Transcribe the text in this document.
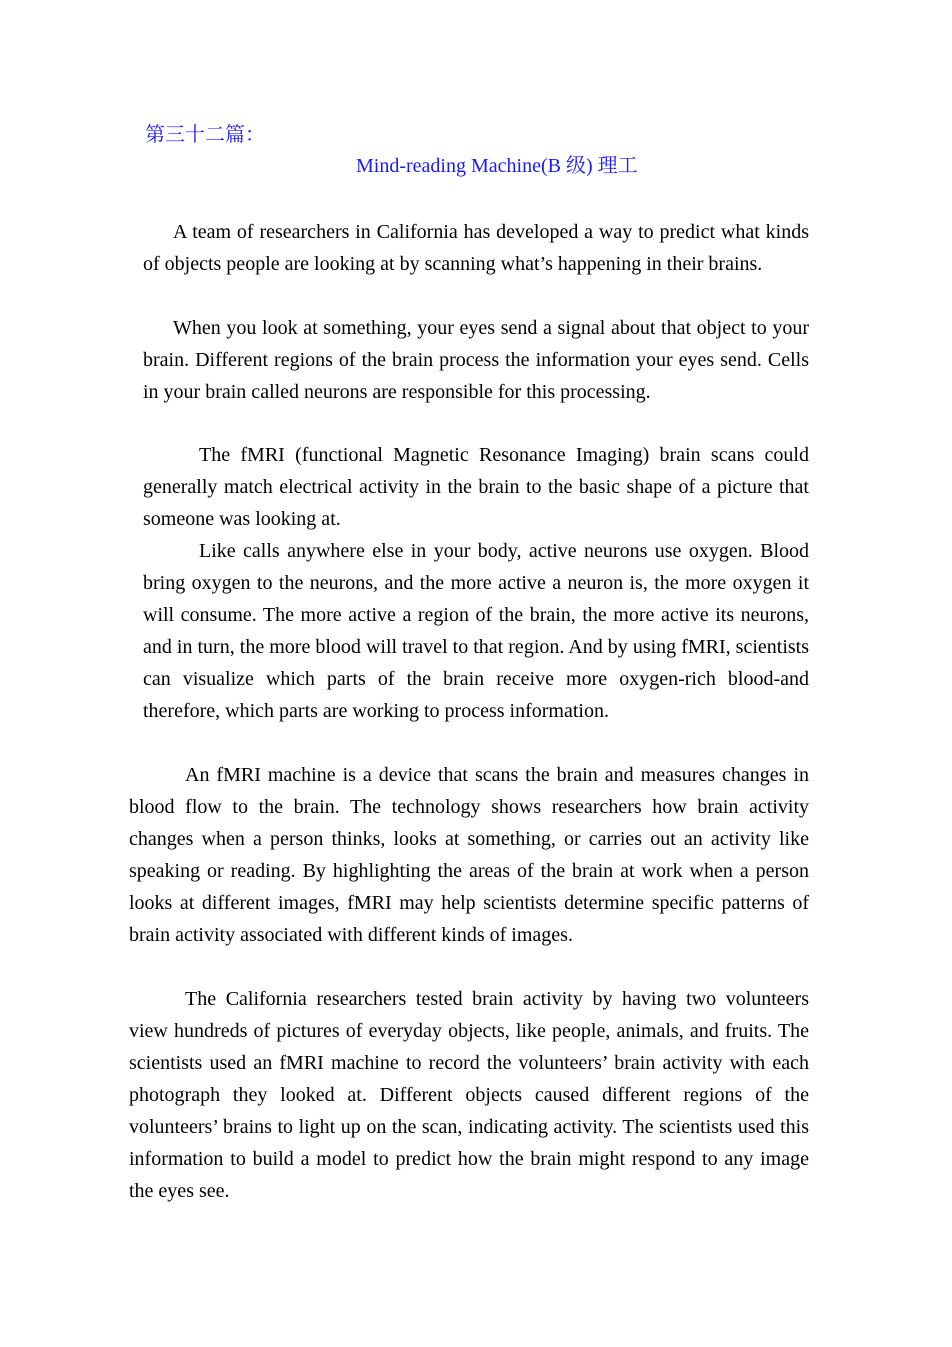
第三十二篇：
Mind-reading Machine(B 级) 理工

A team of researchers in California has developed a way to predict what kinds of objects people are looking at by scanning what’s happening in their brains.

When you look at something, your eyes send a signal about that object to your brain. Different regions of the brain process the information your eyes send. Cells in your brain called neurons are responsible for this processing.

The fMRI (functional Magnetic Resonance Imaging) brain scans could generally match electrical activity in the brain to the basic shape of a picture that someone was looking at.

Like calls anywhere else in your body, active neurons use oxygen. Blood bring oxygen to the neurons, and the more active a neuron is, the more oxygen it will consume. The more active a region of the brain, the more active its neurons, and in turn, the more blood will travel to that region. And by using fMRI, scientists can visualize which parts of the brain receive more oxygen-rich blood-and therefore, which parts are working to process information.

An fMRI machine is a device that scans the brain and measures changes in blood flow to the brain. The technology shows researchers how brain activity changes when a person thinks, looks at something, or carries out an activity like speaking or reading. By highlighting the areas of the brain at work when a person looks at different images, fMRI may help scientists determine specific patterns of brain activity associated with different kinds of images.

The California researchers tested brain activity by having two volunteers view hundreds of pictures of everyday objects, like people, animals, and fruits. The scientists used an fMRI machine to record the volunteers’ brain activity with each photograph they looked at. Different objects caused different regions of the volunteers’ brains to light up on the scan, indicating activity. The scientists used this information to build a model to predict how the brain might respond to any image the eyes see.
